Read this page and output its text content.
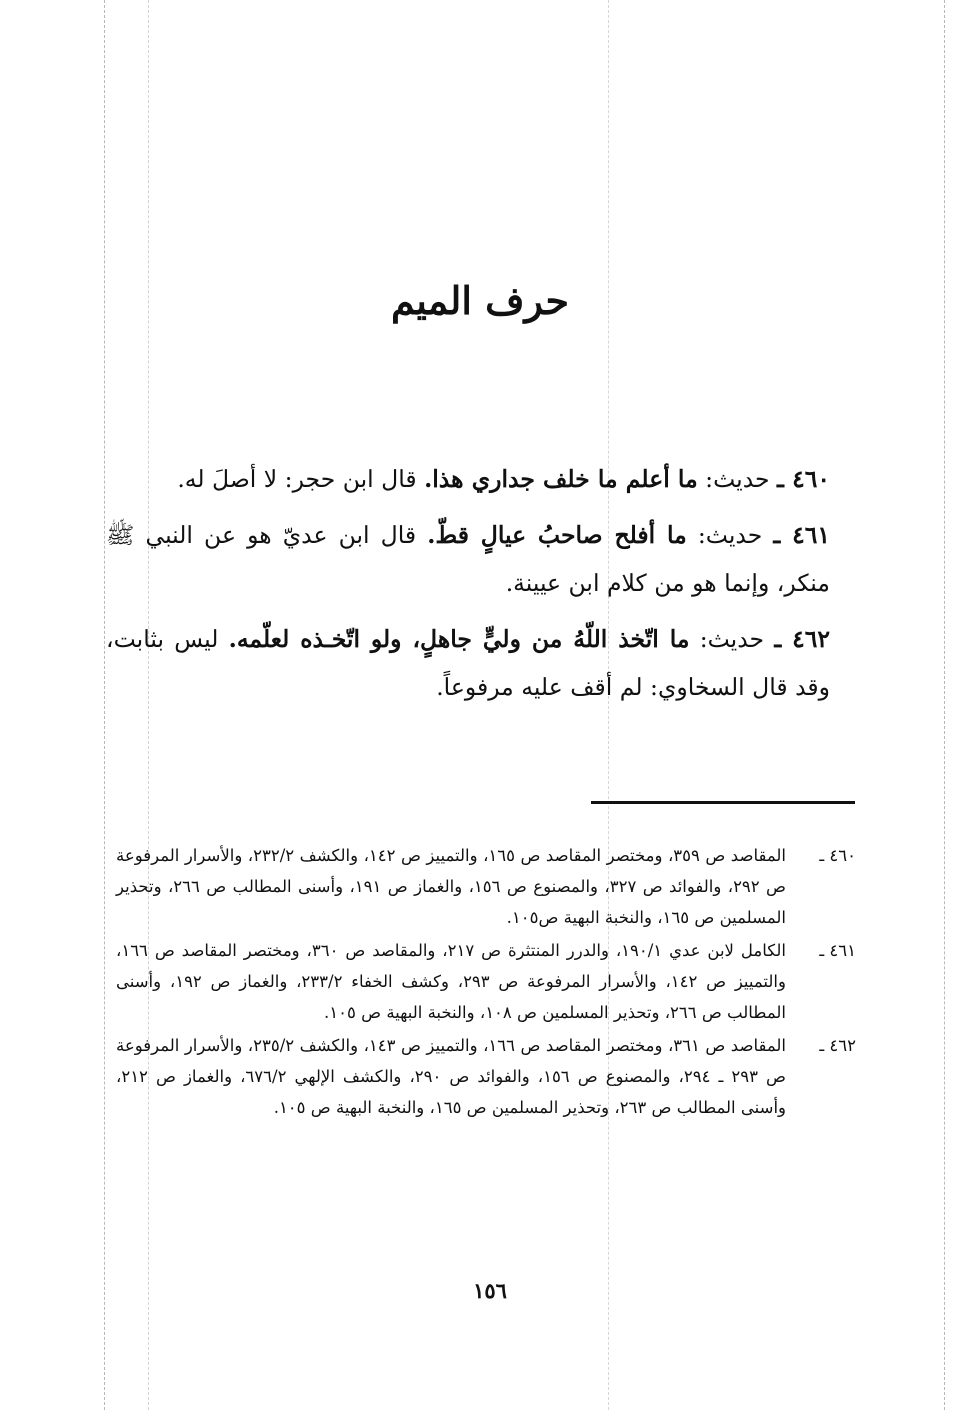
حرف الميم

٤٦٠ ـ حديث: ما أعلم ما خلف جداري هذا. قال ابن حجر: لا أصلَ له.

٤٦١ ـ حديث: ما أفلح صاحبُ عيالٍ قطّ. قال ابن عديّ هو عن النبي ﷺ منكر، وإنما هو من كلام ابن عيينة.

٤٦٢ ـ حديث: ما اتّخذ اللّهُ من وليٍّ جاهلٍ، ولو اتّخـذه لعلّمه. ليس بثابت، وقد قال السخاوي: لم أقف عليه مرفوعاً.

٤٦٠ ـ
المقاصد ص ٣٥٩، ومختصر المقاصد ص ١٦٥، والتمييز ص ١٤٢، والكشف ٢٣٢/٢، والأسرار المرفوعة ص ٢٩٢، والفوائد ص ٣٢٧، والمصنوع ص ١٥٦، والغماز ص ١٩١، وأسنى المطالب ص ٢٦٦، وتحذير المسلمين ص ١٦٥، والنخبة البهية ص١٠٥.

٤٦١ ـ
الكامل لابن عدي ١٩٠/١، والدرر المنتثرة ص ٢١٧، والمقاصد ص ٣٦٠، ومختصر المقاصد ص ١٦٦، والتمييز ص ١٤٢، والأسرار المرفوعة ص ٢٩٣، وكشف الخفاء ٢٣٣/٢، والغماز ص ١٩٢، وأسنى المطالب ص ٢٦٦، وتحذير المسلمين ص ١٠٨، والنخبة البهية ص ١٠٥.

٤٦٢ ـ
المقاصد ص ٣٦١، ومختصر المقاصد ص ١٦٦، والتمييز ص ١٤٣، والكشف ٢٣٥/٢، والأسرار المرفوعة ص ٢٩٣ ـ ٢٩٤، والمصنوع ص ١٥٦، والفوائد ص ٢٩٠، والكشف الإلهي ٦٧٦/٢، والغماز ص ٢١٢، وأسنى المطالب ص ٢٦٣، وتحذير المسلمين ص ١٦٥، والنخبة البهية ص ١٠٥.

١٥٦
